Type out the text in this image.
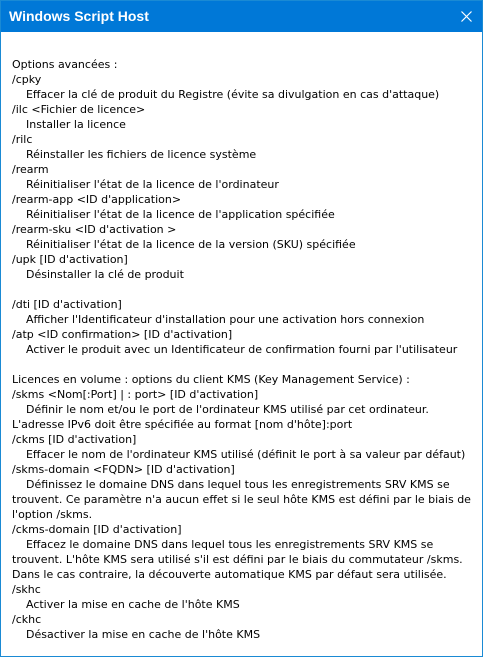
Windows Script Host
Options avancées :
/cpky
Effacer la clé de produit du Registre (évite sa divulgation en cas d'attaque)
/ilc <Fichier de licence>
Installer la licence
/rilc
Réinstaller les fichiers de licence système
/rearm
Réinitialiser l'état de la licence de l'ordinateur
/rearm-app <ID d'application>
Réinitialiser l'état de la licence de l'application spécifiée
/rearm-sku <ID d'activation >
Réinitialiser l'état de la licence de la version (SKU) spécifiée
/upk [ID d'activation]
Désinstaller la clé de produit

/dti [ID d'activation]
Afficher l'Identificateur d'installation pour une activation hors connexion
/atp <ID confirmation> [ID d'activation]
Activer le produit avec un Identificateur de confirmation fourni par l'utilisateur

Licences en volume : options du client KMS (Key Management Service) :
/skms <Nom[:Port] | : port> [ID d'activation]
Définir le nom et/ou le port de l'ordinateur KMS utilisé par cet ordinateur.
L'adresse IPv6 doit être spécifiée au format [nom d'hôte]:port
/ckms [ID d'activation]
Effacer le nom de l'ordinateur KMS utilisé (définit le port à sa valeur par défaut)
/skms-domain <FQDN> [ID d'activation]
Définissez le domaine DNS dans lequel tous les enregistrements SRV KMS se
trouvent. Ce paramètre n'a aucun effet si le seul hôte KMS est défini par le biais de
l'option /skms.
/ckms-domain [ID d'activation]
Effacez le domaine DNS dans lequel tous les enregistrements SRV KMS se
trouvent. L'hôte KMS sera utilisé s'il est défini par le biais du commutateur /skms.
Dans le cas contraire, la découverte automatique KMS par défaut sera utilisée.
/skhc
Activer la mise en cache de l'hôte KMS
/ckhc
Désactiver la mise en cache de l'hôte KMS
